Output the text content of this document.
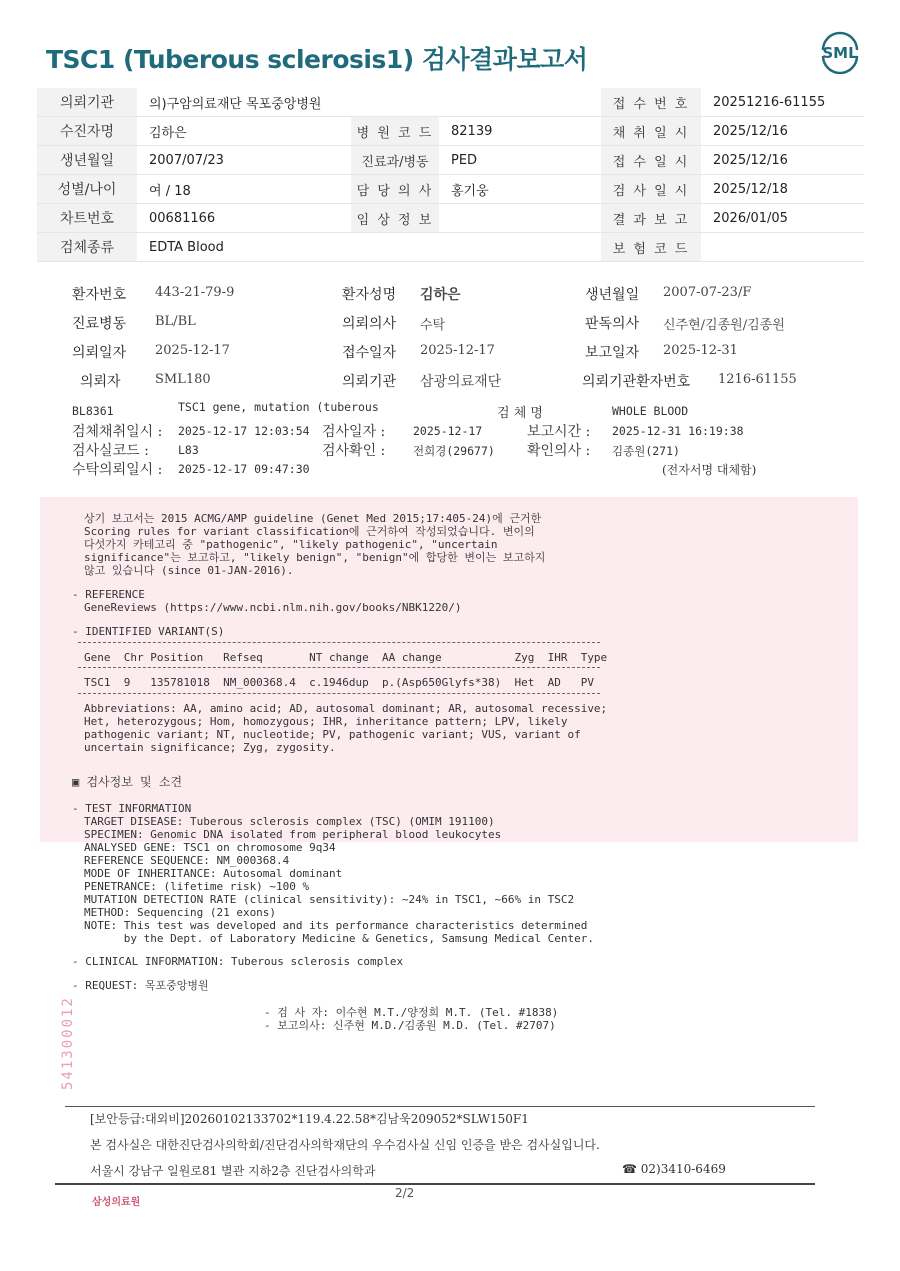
TSC1 (Tuberous sclerosis1) 검사결과보고서	SML
의뢰기관	의)구암의료재단 목포중앙병원			접 수 번 호	20251216-61155
수진자명	김하은	병 원 코 드	82139	채 취 일 시	2025/12/16
생년월일	2007/07/23	진료과/병동	PED	접 수 일 시	2025/12/16
성별/나이	여 / 18	담 당 의 사	홍기웅	검 사 일 시	2025/12/18
차트번호	00681166	임 상 정 보		결 과 보 고	2026/01/05
검체종류	EDTA Blood			보 험 코 드	
환자번호 443-21-79-9	환자성명 김하은	생년월일 2007-07-23/F
진료병동 BL/BL	의뢰의사 수탁	판독의사 신주현/김종원/김종원
의뢰일자 2025-12-17	접수일자 2025-12-17	보고일자 2025-12-31
의뢰자	SML180	의뢰기관 삼광의료재단	의뢰기관환자번호 1216-61155
BL8361	TSC1 gene, mutation (tuberous	검 체 명	WHOLE BLOOD
검체채취일시 : 2025-12-17 12:03:54 검사일자 : 2025-12-17	보고시간 : 2025-12-31 16:19:38
검사실코드 :	L83	검사확인 : 전희경(29677) 확인의사 : 김종원(271)
수탁의뢰일시 : 2025-12-17 09:47:30	(전자서명 대체함)
상기 보고서는 2015 ACMG/AMP guideline (Genet Med 2015;17:405-24)에 근거한
Scoring rules for variant classification에 근거하여 작성되었습니다. 변이의
다섯가지 카테고리 중 "pathogenic", "likely pathogenic", "uncertain
significance"는 보고하고, "likely benign", "benign"에 합당한 변이는 보고하지
않고 있습니다 (since 01-JAN-2016).
- REFERENCE
GeneReviews (https://www.ncbi.nlm.nih.gov/books/NBK1220/)
- IDENTIFIED VARIANT(S)
Gene  Chr Position   Refseq       NT change  AA change           Zyg  IHR  Type
TSC1  9   135781018  NM_000368.4  c.1946dup  p.(Asp650Glyfs*38)  Het  AD   PV
Abbreviations: AA, amino acid; AD, autosomal dominant; AR, autosomal recessive;
Het, heterozygous; Hom, homozygous; IHR, inheritance pattern; LPV, likely
pathogenic variant; NT, nucleotide; PV, pathogenic variant; VUS, variant of
uncertain significance; Zyg, zygosity.
▣ 검사정보 및 소견
- TEST INFORMATION
TARGET DISEASE: Tuberous sclerosis complex (TSC) (OMIM 191100)
SPECIMEN: Genomic DNA isolated from peripheral blood leukocytes
ANALYSED GENE: TSC1 on chromosome 9q34
REFERENCE SEQUENCE: NM_000368.4
MODE OF INHERITANCE: Autosomal dominant
PENETRANCE: (lifetime risk) ~100 %
MUTATION DETECTION RATE (clinical sensitivity): ~24% in TSC1, ~66% in TSC2
METHOD: Sequencing (21 exons)
NOTE: This test was developed and its performance characteristics determined
by the Dept. of Laboratory Medicine & Genetics, Samsung Medical Center.
- CLINICAL INFORMATION: Tuberous sclerosis complex
- REQUEST: 목포중앙병원
- 검 사 자: 이수현 M.T./양정희 M.T. (Tel. #1838)
- 보고의사: 신주현 M.D./김종원 M.D. (Tel. #2707)
541300012
[보안등급:대외비]20260102133702*119.4.22.58*김남욱209052*SLW150F1
본 검사실은 대한진단검사의학회/진단검사의학재단의 우수검사실 신임 인증을 받은 검사실입니다.
서울시 강남구 일원로81 별관 지하2층 진단검사의학과	☎ 02)3410-6469
삼성의료원
2/2
